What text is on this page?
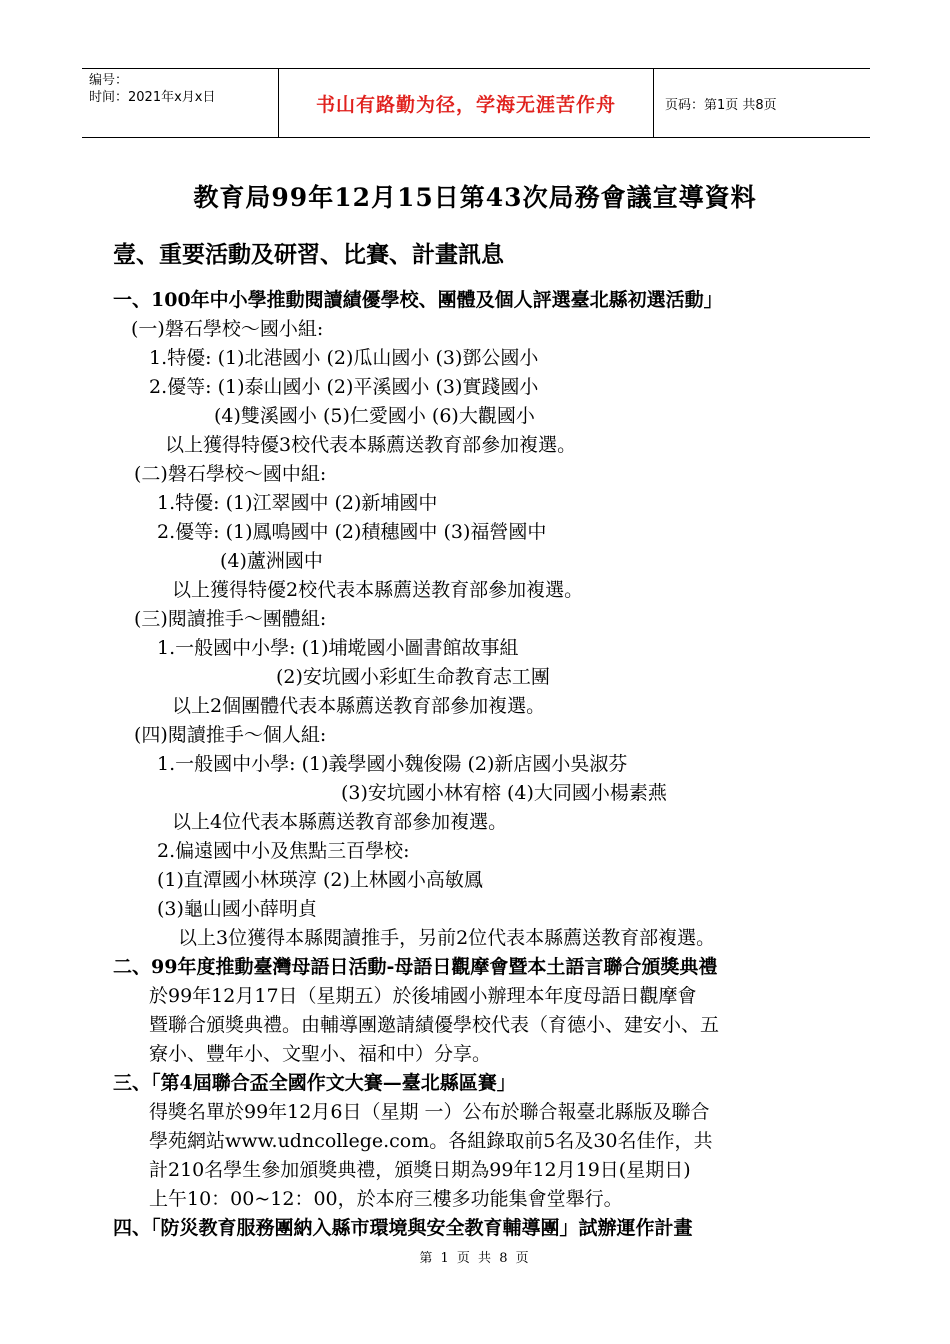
编号：
时间：2021年x月x日	书山有路勤为径，学海无涯苦作舟	页码：第1页 共8页
教育局99年12月15日第43次局務會議宣導資料
壹、重要活動及研習、比賽、計畫訊息
一、100年中小學推動閱讀績優學校、團體及個人評選臺北縣初選活動」
(一)磐石學校～國小組:
1.特優: (1)北港國小 (2)瓜山國小 (3)鄧公國小
2.優等: (1)泰山國小 (2)平溪國小 (3)實踐國小
(4)雙溪國小 (5)仁愛國小 (6)大觀國小
以上獲得特優3校代表本縣薦送教育部參加複選。
(二)磐石學校～國中組:
1.特優: (1)江翠國中 (2)新埔國中
2.優等: (1)鳳鳴國中 (2)積穗國中 (3)福營國中
(4)蘆洲國中
以上獲得特優2校代表本縣薦送教育部參加複選。
(三)閱讀推手～團體組:
1.一般國中小學: (1)埔墘國小圖書館故事組
(2)安坑國小彩虹生命教育志工團
以上2個團體代表本縣薦送教育部參加複選。
(四)閱讀推手～個人組:
1.一般國中小學: (1)義學國小魏俊陽 (2)新店國小吳淑芬
(3)安坑國小林宥榕 (4)大同國小楊素燕
以上4位代表本縣薦送教育部參加複選。
2.偏遠國中小及焦點三百學校:
(1)直潭國小林瑛淳 (2)上林國小高敏鳳
(3)龜山國小薛明貞
以上3位獲得本縣閱讀推手，另前2位代表本縣薦送教育部複選。
二、99年度推動臺灣母語日活動-母語日觀摩會暨本土語言聯合頒獎典禮
於99年12月17日（星期五）於後埔國小辦理本年度母語日觀摩會
暨聯合頒獎典禮。由輔導團邀請績優學校代表（育德小、建安小、五
寮小、豐年小、文聖小、福和中）分享。
三、「第4屆聯合盃全國作文大賽—臺北縣區賽」
得獎名單於99年12月6日（星期 一）公布於聯合報臺北縣版及聯合
學苑網站www.udncollege.com。各組錄取前5名及30名佳作，共
計210名學生參加頒獎典禮，頒獎日期為99年12月19日(星期日)
上午10：00~12：00，於本府三樓多功能集會堂舉行。
四、「防災教育服務團納入縣市環境與安全教育輔導團」試辦運作計畫
第 1 页 共 8 页
